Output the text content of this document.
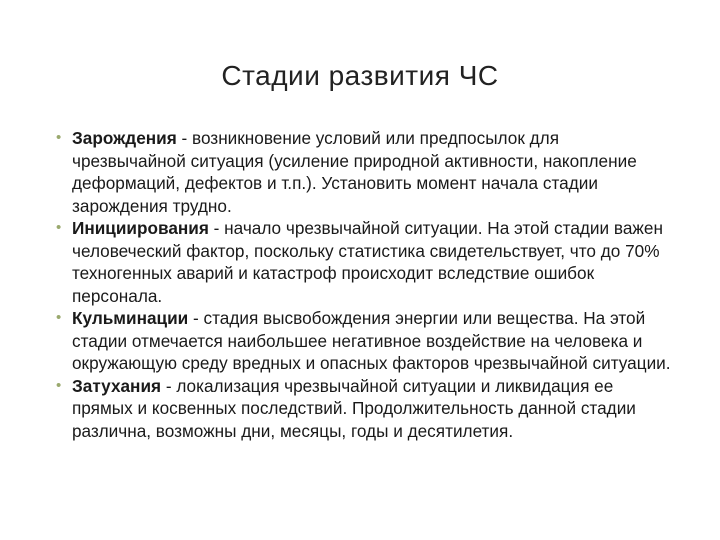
Стадии развития ЧС
• Зарождения - возникновение условий или предпосылок для чрезвычайной ситуация (усиление природной активности, накопление деформаций, дефектов и т.п.). Установить момент начала стадии зарождения трудно.
• Инициирования - начало чрезвычайной ситуации. На этой стадии важен человеческий фактор, поскольку статистика свидетельствует, что до 70% техногенных аварий и катастроф происходит вследствие ошибок персонала.
• Кульминации - стадия высвобождения энергии или вещества. На этой стадии отмечается наибольшее негативное воздействие на человека и окружающую среду вредных и опасных факторов чрезвычайной ситуации.
• Затухания - локализация чрезвычайной ситуации и ликвидация ее прямых и косвенных последствий. Продолжительность данной стадии различна, возможны дни, месяцы, годы и десятилетия.
